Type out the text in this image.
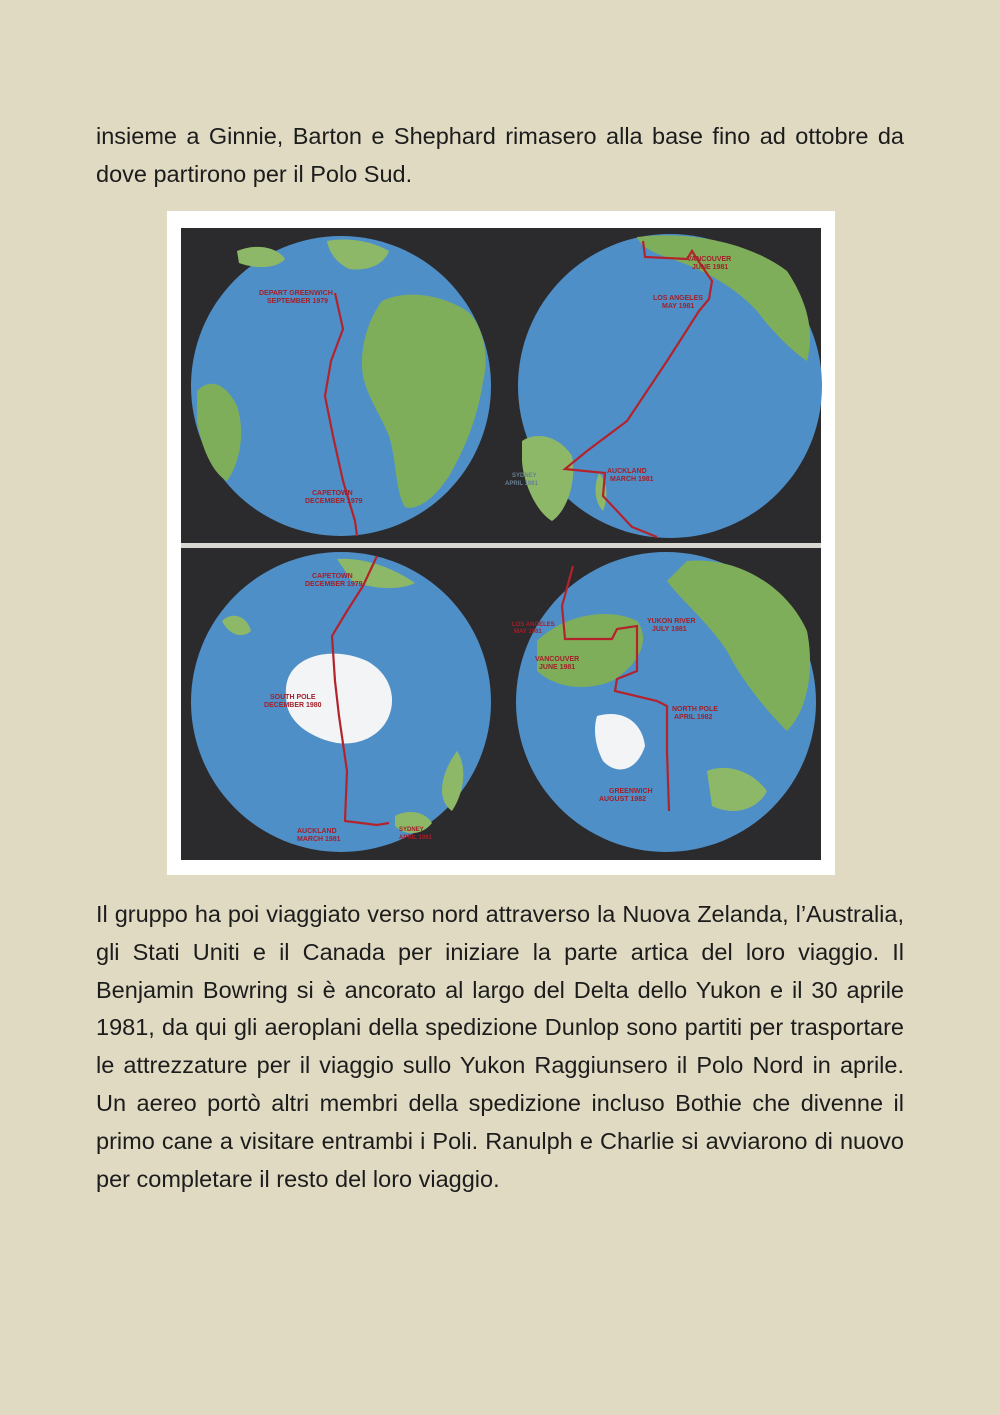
insieme a Ginnie, Barton e Shephard rimasero alla base fino ad ottobre da dove partirono per il Polo Sud.

DEPART GREENWICH
SEPTEMBER 1979
CAPETOWN
DECEMBER 1979
VANCOUVER
JUNE 1981
LOS ANGELES
MAY 1981
AUCKLAND
MARCH 1981
SYDNEY
APRIL 1981
CAPETOWN
DECEMBER 1979
SOUTH POLE
DECEMBER 1980
AUCKLAND
MARCH 1981
SYDNEY
APRIL 1981
LOS ANGELES
MAY 1981
YUKON RIVER
JULY 1981
VANCOUVER
JUNE 1981
NORTH POLE
APRIL 1982
GREENWICH
AUGUST 1982

Il gruppo ha poi viaggiato verso nord attraverso la Nuova Zelanda, l’Australia, gli Stati Uniti e il Canada per iniziare la parte artica del loro viaggio. Il Benjamin Bowring si è ancorato al largo del Delta dello Yukon e il 30 aprile 1981, da qui gli aeroplani della spedizione Dunlop sono partiti per trasportare le attrezzature per il viaggio sullo Yukon Raggiunsero il Polo Nord in aprile. Un aereo portò altri membri della spedizione incluso Bothie che divenne il primo cane a visitare entrambi i Poli. Ranulph e Charlie si avviarono di nuovo per completare il resto del loro viaggio.
